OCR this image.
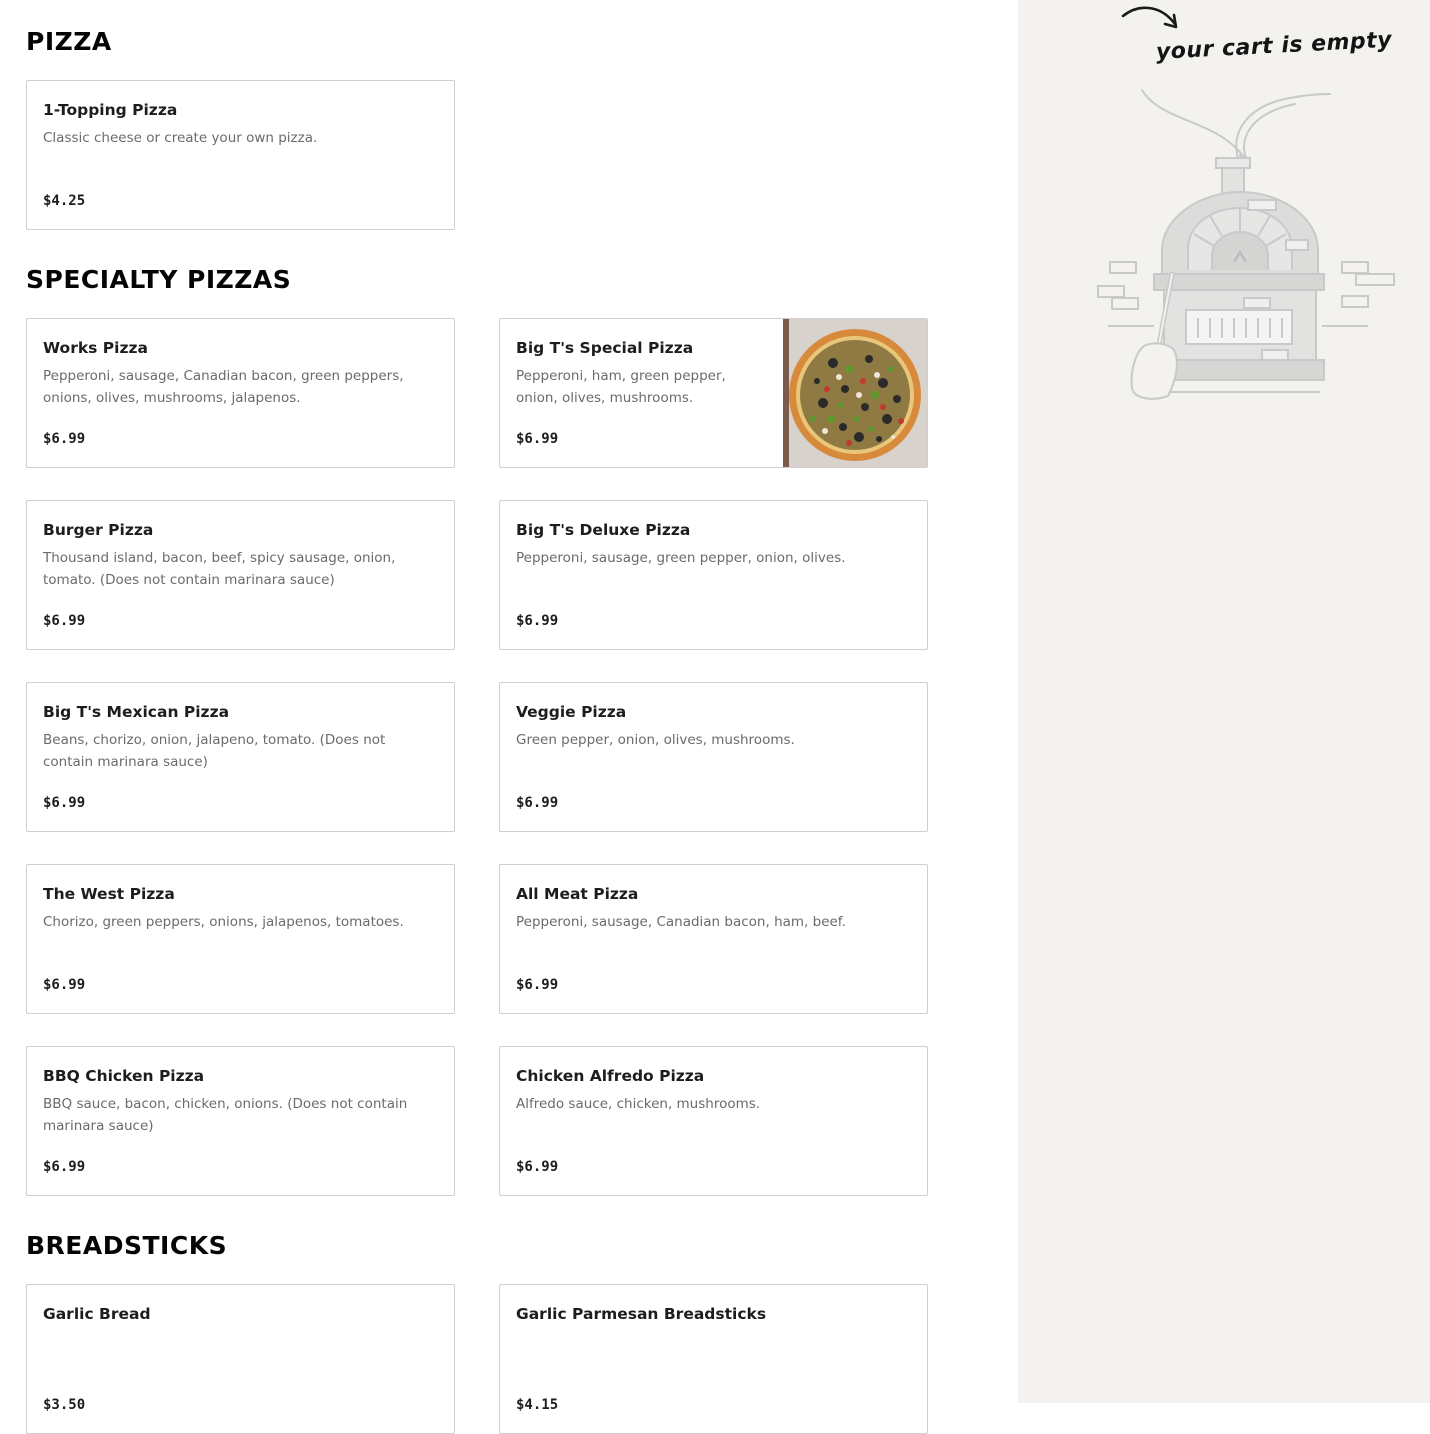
PIZZA
1-Topping Pizza
Classic cheese or create your own pizza.
$4.25
SPECIALTY PIZZAS
Works Pizza
Pepperoni, sausage, Canadian bacon, green peppers, onions, olives, mushrooms, jalapenos.
$6.99
Big T's Special Pizza
Pepperoni, ham, green pepper, onion, olives, mushrooms.
$6.99
Burger Pizza
Thousand island, bacon, beef, spicy sausage, onion, tomato. (Does not contain marinara sauce)
$6.99
Big T's Deluxe Pizza
Pepperoni, sausage, green pepper, onion, olives.
$6.99
Big T's Mexican Pizza
Beans, chorizo, onion, jalapeno, tomato. (Does not contain marinara sauce)
$6.99
Veggie Pizza
Green pepper, onion, olives, mushrooms.
$6.99
The West Pizza
Chorizo, green peppers, onions, jalapenos, tomatoes.
$6.99
All Meat Pizza
Pepperoni, sausage, Canadian bacon, ham, beef.
$6.99
BBQ Chicken Pizza
BBQ sauce, bacon, chicken, onions. (Does not contain marinara sauce)
$6.99
Chicken Alfredo Pizza
Alfredo sauce, chicken, mushrooms.
$6.99
BREADSTICKS
Garlic Bread
$3.50
Garlic Parmesan Breadsticks
$4.15
your cart is empty
